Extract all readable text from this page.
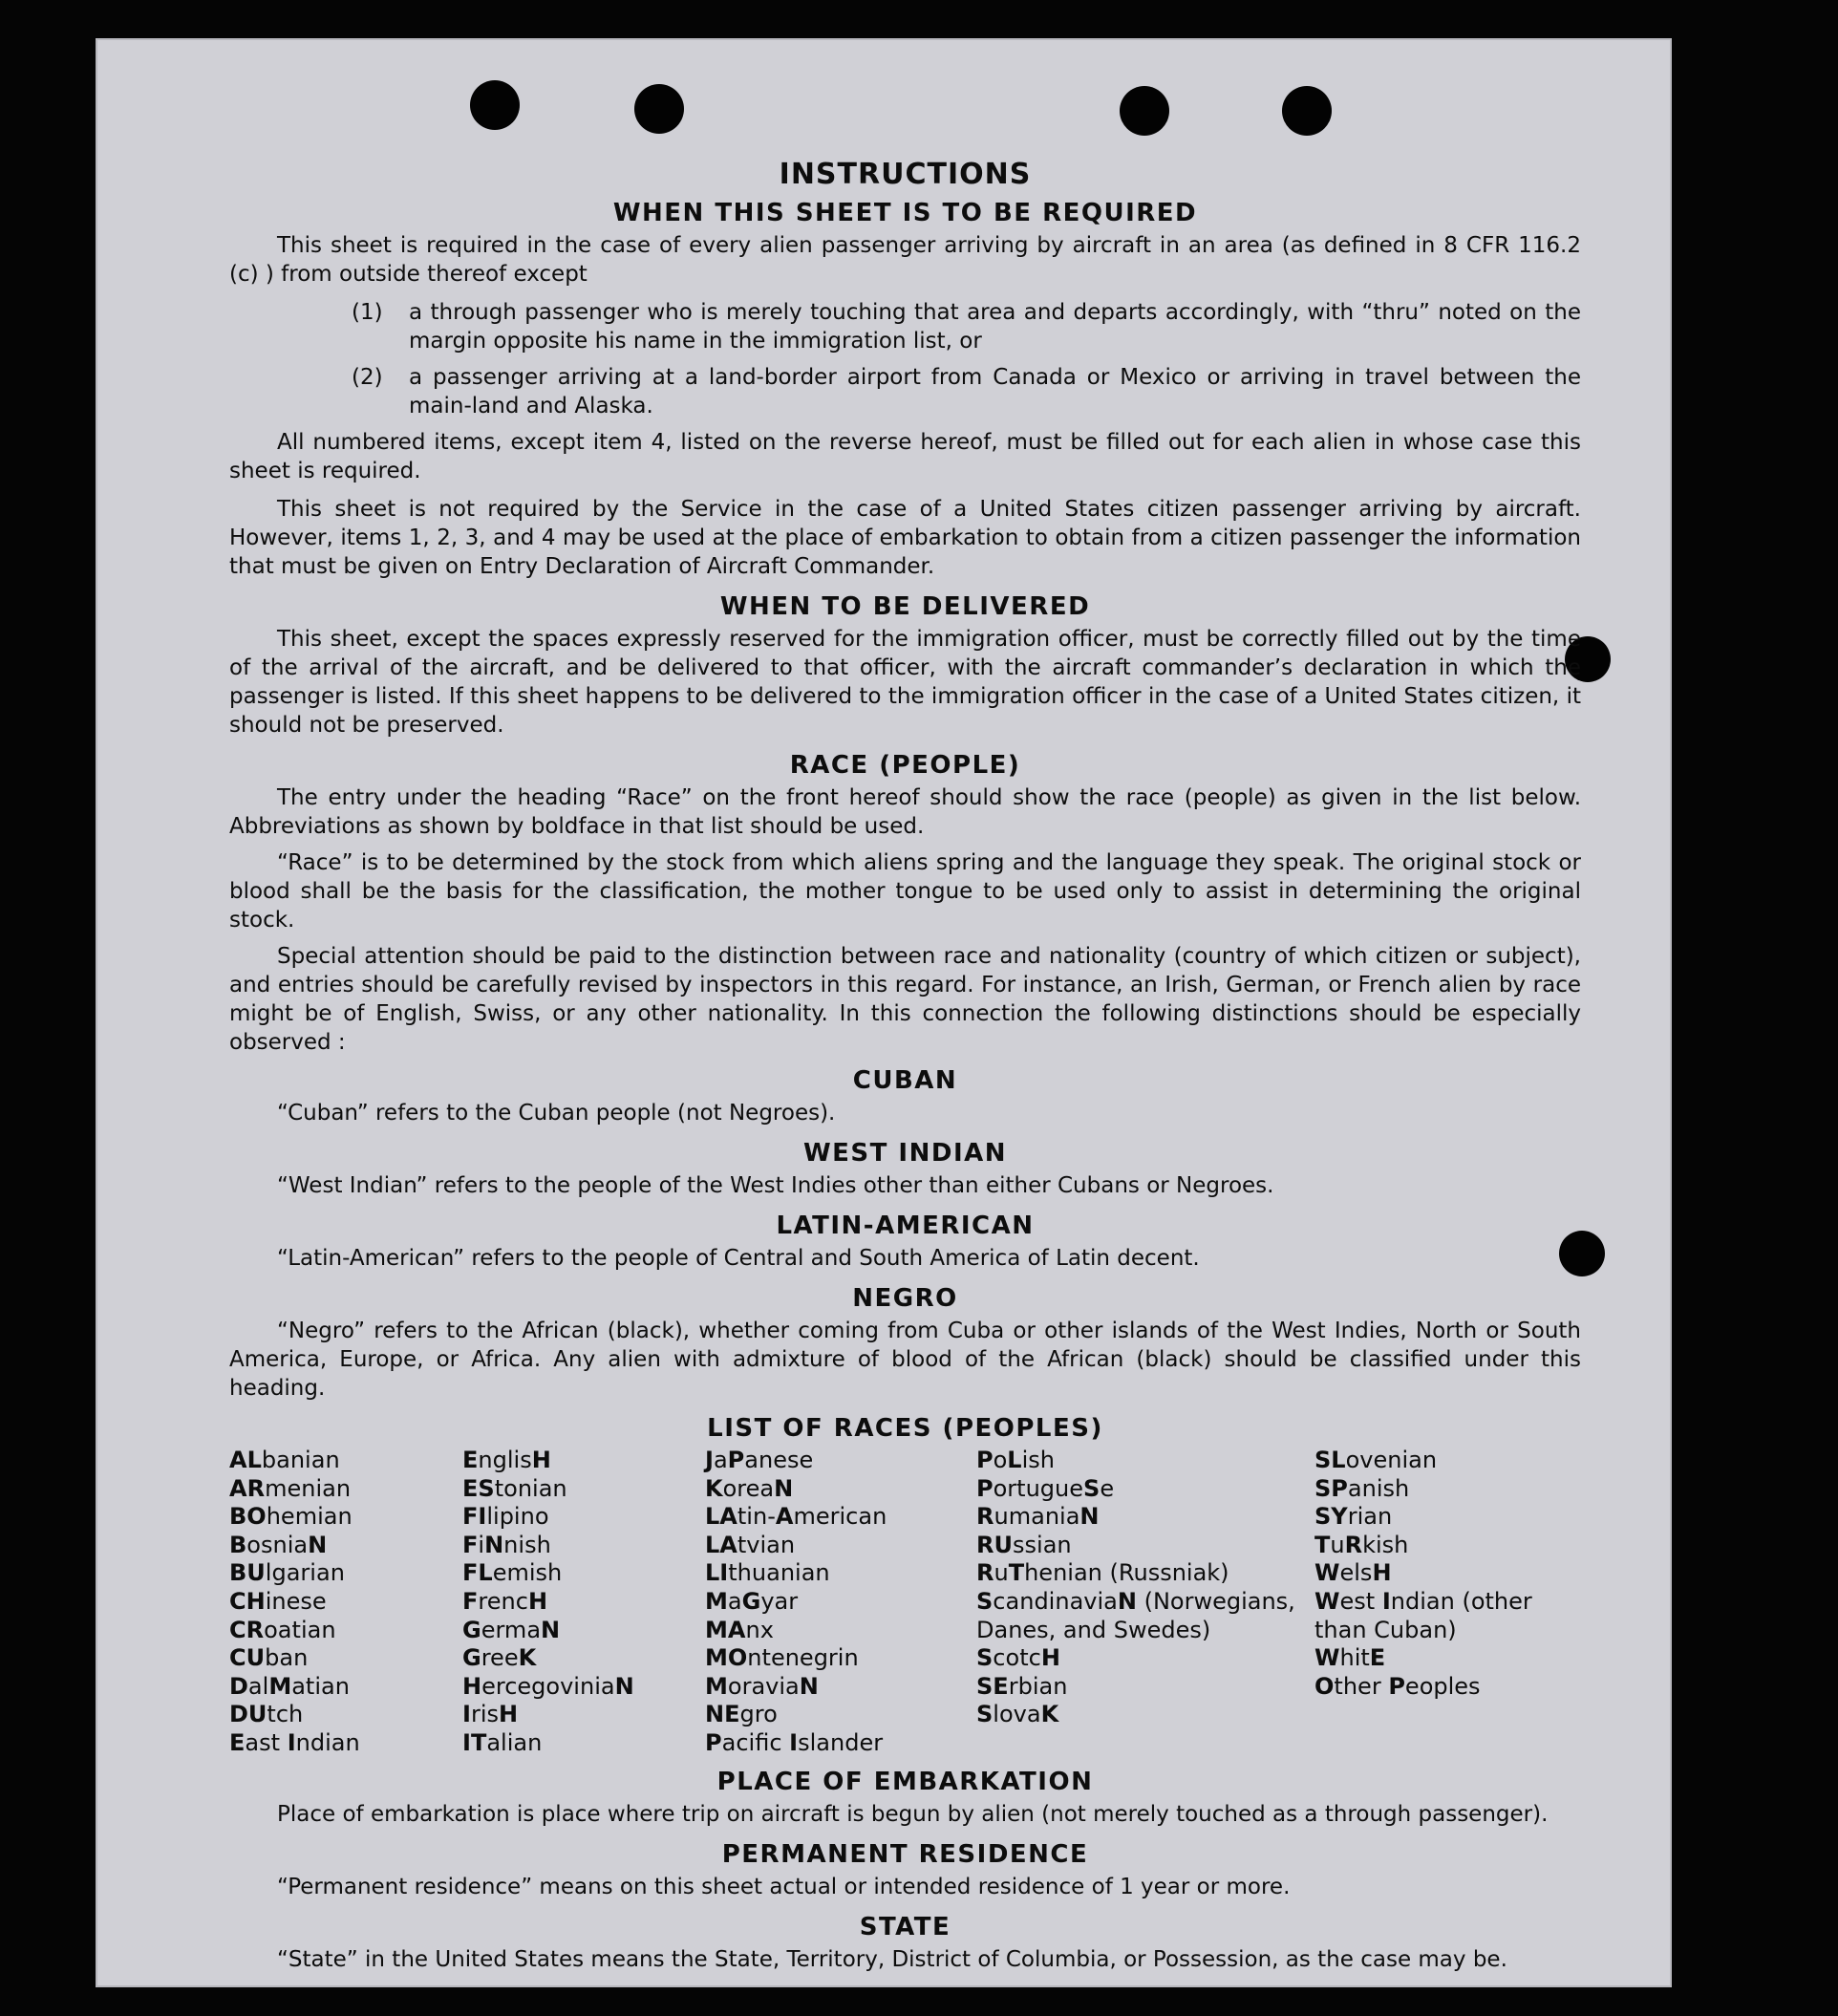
INSTRUCTIONS
WHEN THIS SHEET IS TO BE REQUIRED

This sheet is required in the case of every alien passenger arriving by aircraft in an area (as defined in 8 CFR 116.2 (c) ) from outside thereof except

(1)	a through passenger who is merely touching that area and departs accordingly, with “thru” noted on the margin opposite his name in the immigration list, or
(2)	a passenger arriving at a land-border airport from Canada or Mexico or arriving in travel between the main-land and Alaska.

All numbered items, except item 4, listed on the reverse hereof, must be filled out for each alien in whose case this sheet is required.

This sheet is not required by the Service in the case of a United States citizen passenger arriving by aircraft. However, items 1, 2, 3, and 4 may be used at the place of embarkation to obtain from a citizen passenger the information that must be given on Entry Declaration of Aircraft Commander.

WHEN TO BE DELIVERED

This sheet, except the spaces expressly reserved for the immigration officer, must be correctly filled out by the time of the arrival of the aircraft, and be delivered to that officer, with the aircraft commander’s declaration in which the passenger is listed. If this sheet happens to be delivered to the immigration officer in the case of a United States citizen, it should not be preserved.

RACE (PEOPLE)

The entry under the heading “Race” on the front hereof should show the race (people) as given in the list below. Abbreviations as shown by boldface in that list should be used.

“Race” is to be determined by the stock from which aliens spring and the language they speak. The original stock or blood shall be the basis for the classification, the mother tongue to be used only to assist in determining the original stock.

Special attention should be paid to the distinction between race and nationality (country of which citizen or subject), and entries should be carefully revised by inspectors in this regard. For instance, an Irish, German, or French alien by race might be of English, Swiss, or any other nationality. In this connection the following distinctions should be especially observed :

CUBAN

“Cuban” refers to the Cuban people (not Negroes).

WEST INDIAN

“West Indian” refers to the people of the West Indies other than either Cubans or Negroes.

LATIN-AMERICAN

“Latin-American” refers to the people of Central and South America of Latin decent.

NEGRO

“Negro” refers to the African (black), whether coming from Cuba or other islands of the West Indies, North or South America, Europe, or Africa. Any alien with admixture of blood of the African (black) should be classified under this heading.

LIST OF RACES (PEOPLES)
ALbanian
ARmenian
BOhemian
BosniaN
BUlgarian
CHinese
CRoatian
CUban
DalMatian
DUtch
East Indian
EnglisH
EStonian
FIlipino
FiNnish
FLemish
FrencH
GermaN
GreeK
HercegoviniaN
IrisH
ITalian
JaPanese
KoreaN
LAtin-American
LAtvian
LIthuanian
MaGyar
MAnx
MOntenegrin
MoraviaN
NEgro
Pacifc Islander
PoLish
PortugueSe
RumaniaN
RUssian
RuThenian (Russniak)
ScandinaviaN (Norwegians, Danes, and Swedes)
ScotcH
SErbian
SlovaK
SLovenian
SPanish
SYrian
TuRkish
WelsH
West Indian (other than Cuban)
WhitE
Other Peoples
PLACE OF EMBARKATION

Place of embarkation is place where trip on aircraft is begun by alien (not merely touched as a through passenger).

PERMANENT RESIDENCE

“Permanent residence” means on this sheet actual or intended residence of 1 year or more.

STATE

“State” in the United States means the State, Territory, District of Columbia, or Possession, as the case may be.
